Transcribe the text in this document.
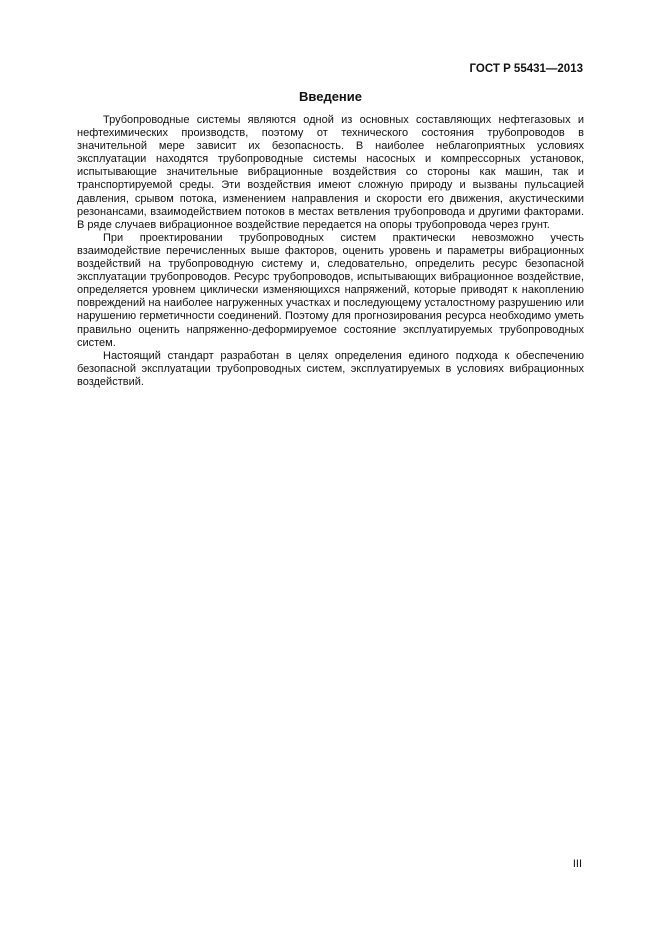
ГОСТ Р 55431—2013
Введение

Трубопроводные системы являются одной из основных составляющих нефтегазовых и нефтехимических производств, поэтому от технического состояния трубопроводов в значительной мере зависит их безопасность. В наиболее неблагоприятных условиях эксплуатации находятся трубопроводные системы насосных и компрессорных установок, испытывающие значительные вибрационные воздействия со стороны как машин, так и транспортируемой среды. Эти воздействия имеют сложную природу и вызваны пульсацией давления, срывом потока, изменением направления и скорости его движения, акустическими резонансами, взаимодействием потоков в местах ветвления трубопровода и другими факторами. В ряде случаев вибрационное воздействие передается на опоры трубопровода через грунт.

При проектировании трубопроводных систем практически невозможно учесть взаимодействие перечисленных выше факторов, оценить уровень и параметры вибрационных воздействий на трубопроводную систему и, следовательно, определить ресурс безопасной эксплуатации трубопроводов. Ресурс трубопроводов, испытывающих вибрационное воздействие, определяется уровнем циклически изменяющихся напряжений, которые приводят к накоплению повреждений на наиболее нагруженных участках и последующему усталостному разрушению или нарушению герметичности соединений. Поэтому для прогнозирования ресурса необходимо уметь правильно оценить напряженно-деформируемое состояние эксплуатируемых трубопроводных систем.

Настоящий стандарт разработан в целях определения единого подхода к обеспечению безопасной эксплуатации трубопроводных систем, эксплуатируемых в условиях вибрационных воздействий.

III
